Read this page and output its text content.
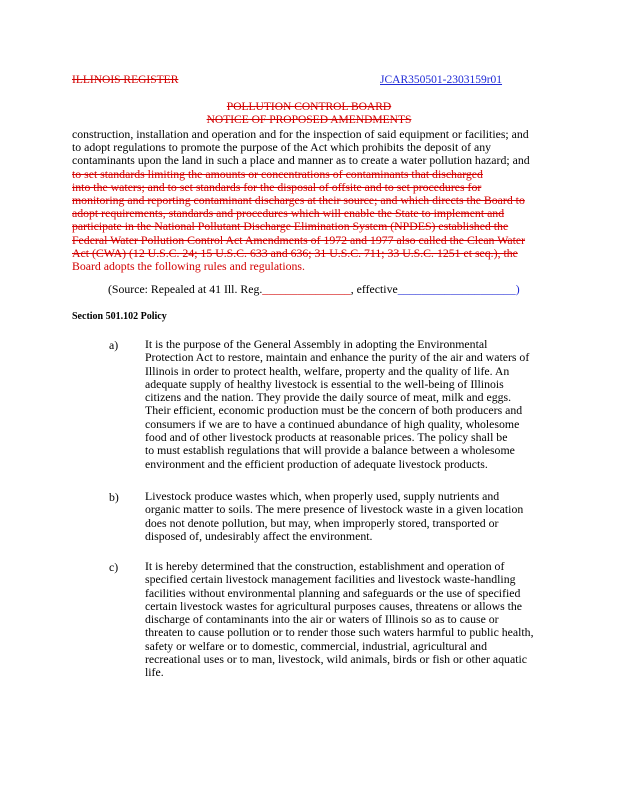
ILLINOIS REGISTER	JCAR350501-2303159r01
POLLUTION CONTROL BOARD
NOTICE OF PROPOSED AMENDMENTS

construction, installation and operation and for the inspection of said equipment or facilities; and

to adopt regulations to promote the purpose of the Act which prohibits the deposit of any

contaminants upon the land in such a place and manner as to create a water pollution hazard; and

to set standards limiting the amounts or concentrations of contaminants that discharged

into the waters; and to set standards for the disposal of offsite and to set procedures for

monitoring and reporting contaminant discharges at their source; and which directs the Board to

adopt requirements, standards and procedures which will enable the State to implement and

participate in the National Pollutant Discharge Elimination System (NPDES) established the

Federal Water Pollution Control Act Amendments of 1972 and 1977 also called the Clean Water

Act (CWA) (12 U.S.C. 24; 15 U.S.C. 633 and 636; 31 U.S.C. 711; 33 U.S.C. 1251 et seq.), the

Board adopts the following rules and regulations.

(Source: Repealed at 41 Ill. Reg._______________, effective____________________)
Section 501.102 Policy
a) It is the purpose of the General Assembly in adopting the Environmental

Protection Act to restore, maintain and enhance the purity of the air and waters of

Illinois in order to protect health, welfare, property and the quality of life. An

adequate supply of healthy livestock is essential to the well-being of Illinois

citizens and the nation. They provide the daily source of meat, milk and eggs.

Their efficient, economic production must be the concern of both producers and

consumers if we are to have a continued abundance of high quality, wholesome

food and of other livestock products at reasonable prices. The policy shall be

to must establish regulations that will provide a balance between a wholesome

environment and the efficient production of adequate livestock products.

b) Livestock produce wastes which, when properly used, supply nutrients and

organic matter to soils. The mere presence of livestock waste in a given location

does not denote pollution, but may, when improperly stored, transported or

disposed of, undesirably affect the environment.

c) It is hereby determined that the construction, establishment and operation of

specified certain livestock management facilities and livestock waste-handling

facilities without environmental planning and safeguards or the use of specified

certain livestock wastes for agricultural purposes causes, threatens or allows the

discharge of contaminants into the air or waters of Illinois so as to cause or

threaten to cause pollution or to render those such waters harmful to public health,

safety or welfare or to domestic, commercial, industrial, agricultural and

recreational uses or to man, livestock, wild animals, birds or fish or other aquatic

life.
